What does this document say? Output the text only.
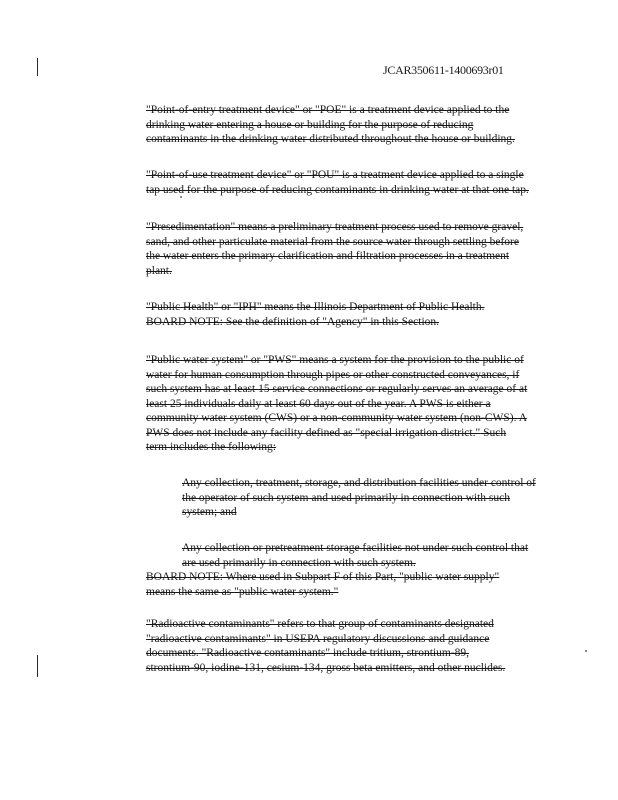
JCAR350611-1400693r01
"Point-of-entry treatment device" or "POE" is a treatment device applied to the
drinking water entering a house or building for the purpose of reducing
contaminants in the drinking water distributed throughout the house or building.
"Point-of-use treatment device" or "POU" is a treatment device applied to a single
tap used for the purpose of reducing contaminants in drinking water at that one tap.
"Presedimentation" means a preliminary treatment process used to remove gravel,
sand, and other particulate material from the source water through settling before
the water enters the primary clarification and filtration processes in a treatment
plant.
"Public Health" or "IPH" means the Illinois Department of Public Health.
BOARD NOTE: See the definition of "Agency" in this Section.
"Public water system" or "PWS" means a system for the provision to the public of
water for human consumption through pipes or other constructed conveyances, if
such system has at least 15 service connections or regularly serves an average of at
least 25 individuals daily at least 60 days out of the year. A PWS is either a
community water system (CWS) or a non-community water system (non-CWS). A
PWS does not include any facility defined as "special irrigation district." Such
term includes the following:
Any collection, treatment, storage, and distribution facilities under control of
the operator of such system and used primarily in connection with such
system; and
Any collection or pretreatment storage facilities not under such control that
are used primarily in connection with such system.
BOARD NOTE: Where used in Subpart F of this Part, "public water supply"
means the same as "public water system."
"Radioactive contaminants" refers to that group of contaminants designated
"radioactive contaminants" in USEPA regulatory discussions and guidance
documents. "Radioactive contaminants" include tritium, strontium-89,
strontium-90, iodine-131, cesium-134, gross beta emitters, and other nuclides.
